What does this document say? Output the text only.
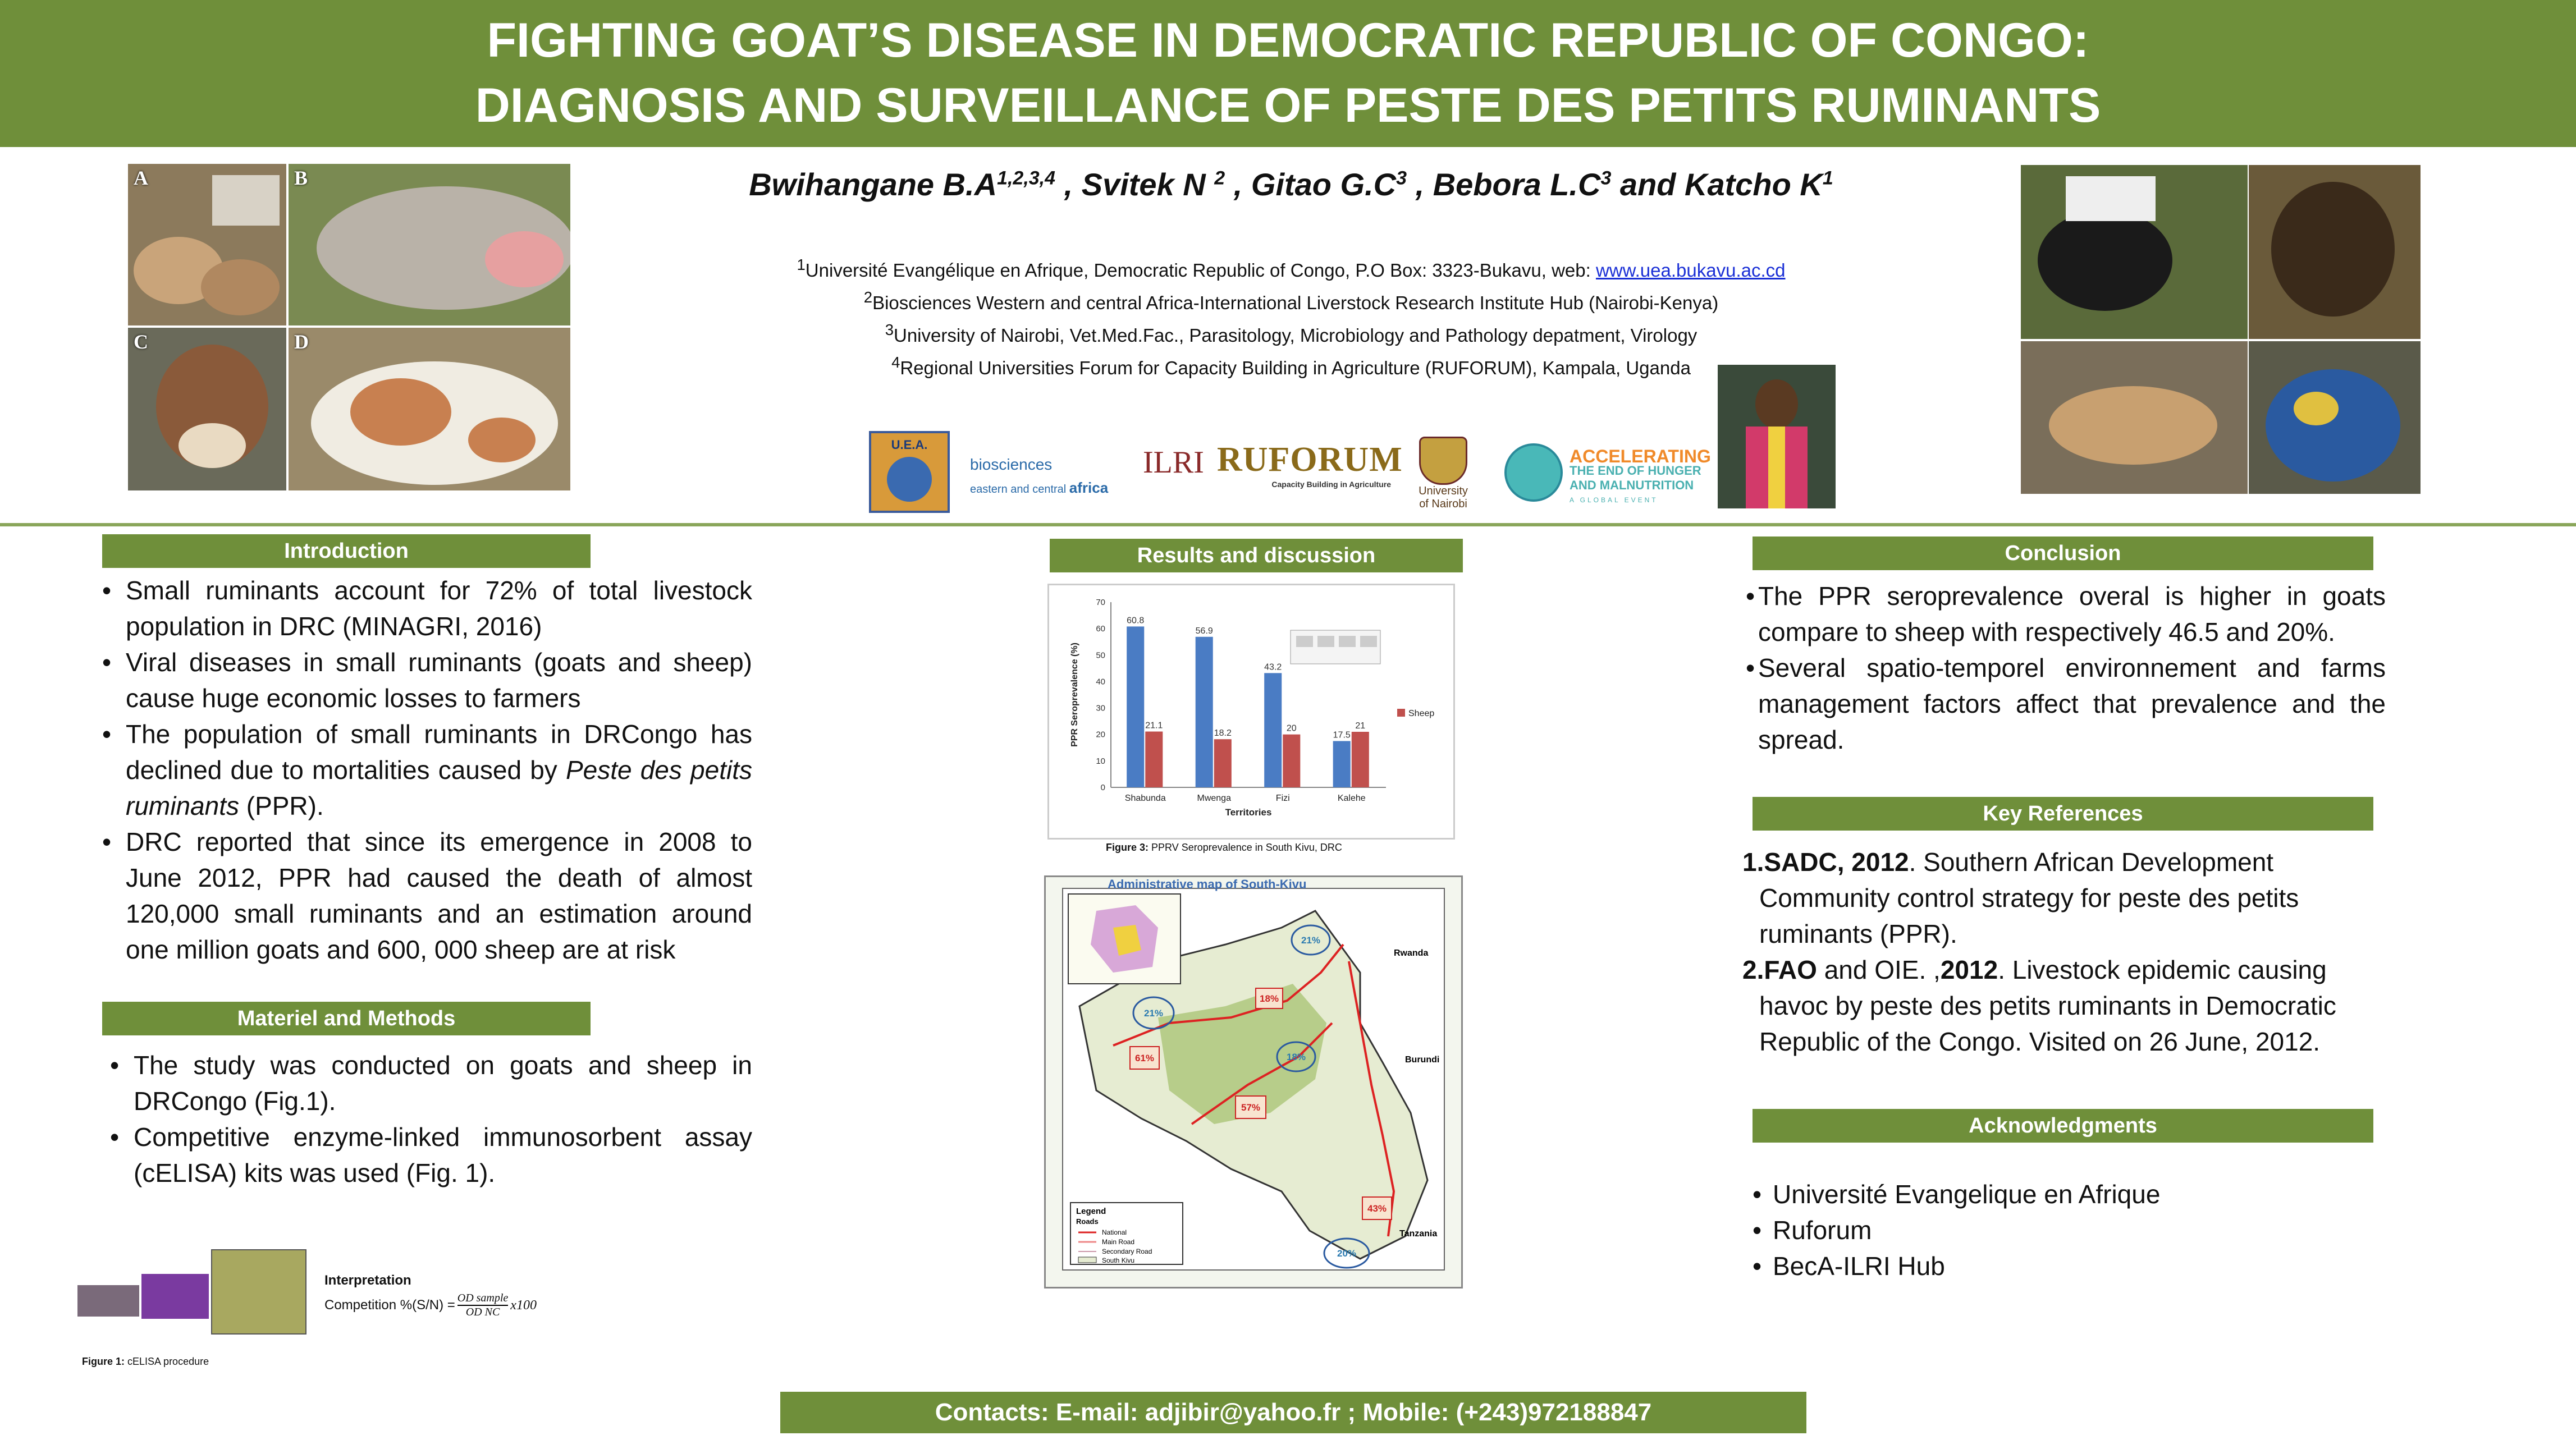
FIGHTING GOAT’S DISEASE IN DEMOCRATIC REPUBLIC OF CONGO:
DIAGNOSIS AND SURVEILLANCE OF PESTE DES PETITS RUMINANTS
A	B
C	D
Bwihangane $B.A^{1,2,3,4}$ , Svitek N $^2$ , Gitao $G.C^3$ , Bebora $L.C^3$ and Katcho $K^1$
$^1$Université Evangélique en Afrique, Democratic Republic of Congo, P.O Box: 3323-Bukavu, web: www.uea.bukavu.ac.cd
$^2$Biosciences Western and central Africa-International Liverstock Research Institute Hub (Nairobi-Kenya)
$^3$University of Nairobi, Vet.Med.Fac., Parasitology, Microbiology and Pathology depatment, Virology
$^4$Regional Universities Forum for Capacity Building in Agriculture (RUFORUM), Kampala, Uganda
U.E.A.
biosciences
eastern and central africa
ILRI RUFORUM
Capacity Building in Agriculture
University
of Nairobi
ACCELERATING
THE END OF HUNGER
AND MALNUTRITION
A GLOBAL EVENT
Introduction
• Small ruminants account for 72% of total livestock population in DRC (MINAGRI, 2016)
• Viral diseases in small ruminants (goats and sheep) cause huge economic losses to farmers
• The population of small ruminants in DRCongo has declined due to mortalities caused by Peste des petits ruminants (PPR).
• DRC reported that since its emergence in 2008 to June 2012, PPR had caused the death of almost 120,000 small ruminants and an estimation around one million goats and 600, 000 sheep are at risk
Materiel and Methods
• The study was conducted on goats and sheep in DRCongo (Fig.1).
• Competitive enzyme-linked immunosorbent assay (cELISA) kits was used (Fig. 1).
Interpretation
Competition %(S/N) = OD sample
OD NC x100
Figure 1: cELISA procedure
Results and discussion
0
10
20
30
40
50
60
70
60.8
21.1
Shabunda
56.9
18.2
Mwenga
43.2
20
Fizi
17.5
21
Kalehe
Territories
PPR Seroprevalence (%)	Sheep
Figure 3: PPRV Seroprevalence in South Kivu, DRC
Administrative map of South-Kivu
Rwanda
Burundi
Tanzania
21%
21%
18%
20%
18%
61%
57%
43%
Legend
Roads
National
Main Road
Secondary Road
South Kivu
Conclusion
• The PPR seroprevalence overal is higher in goats compare to sheep with respectively 46.5 and 20%.
• Several spatio-temporel environnement and farms management factors affect that prevalence and the spread.
Key References
1.SADC, 2012. Southern African Development Community control strategy for peste des petits ruminants (PPR).
2.FAO and OIE. ,2012. Livestock epidemic causing havoc by peste des petits ruminants in Democratic Republic of the Congo. Visited on 26 June, 2012.
Acknowledgments
• Université Evangelique en Afrique
• Ruforum
• BecA-ILRI Hub
Contacts: E-mail: adjibir@yahoo.fr ; Mobile: (+243)972188847
